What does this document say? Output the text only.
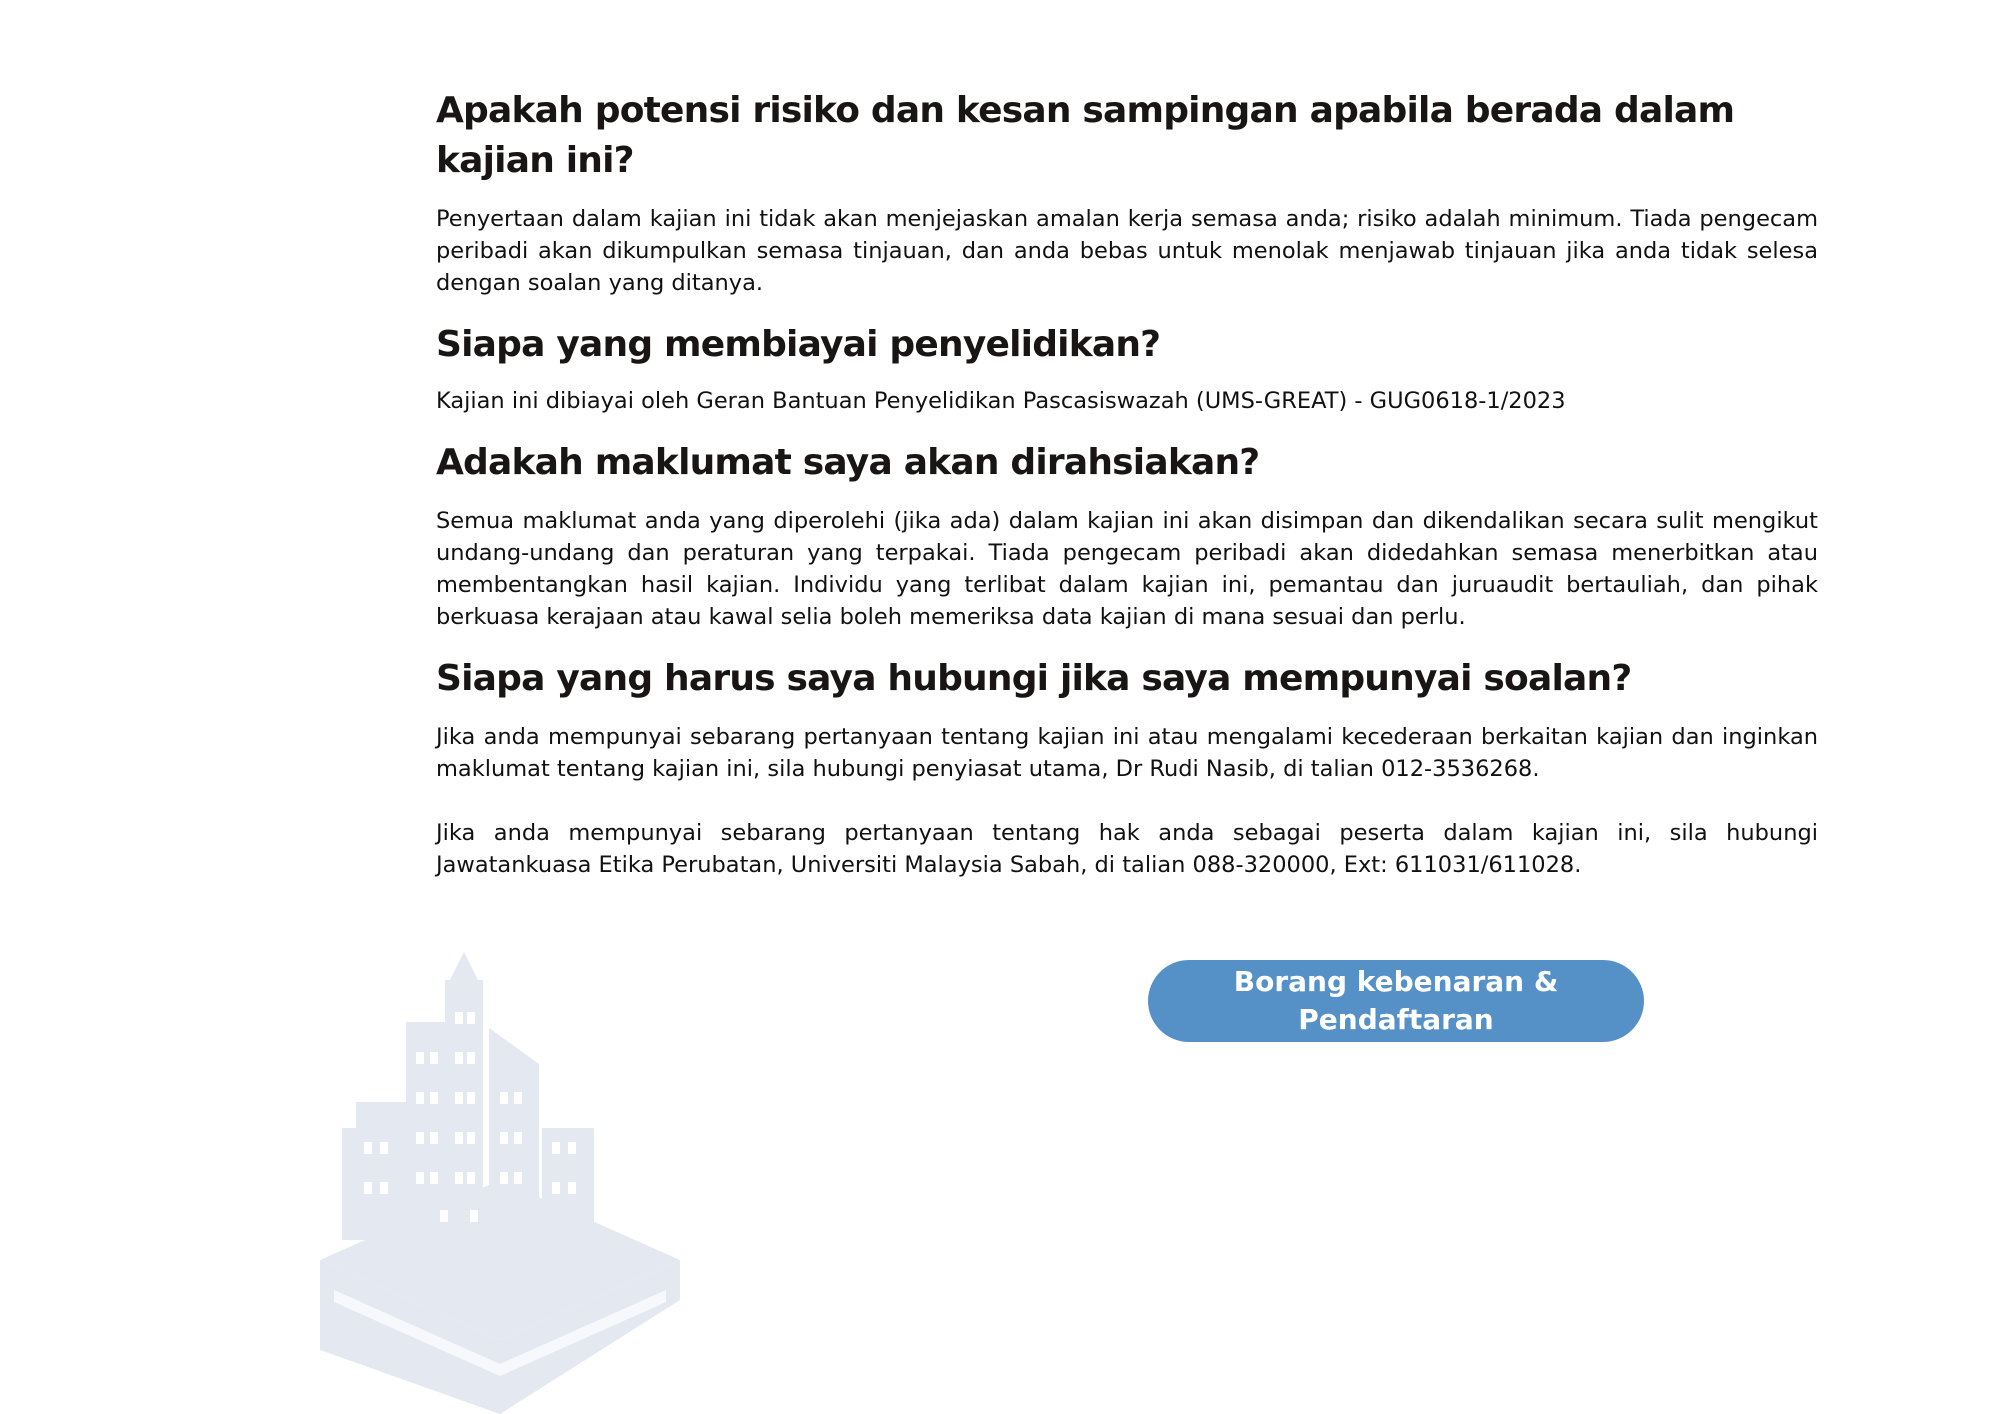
Apakah potensi risiko dan kesan sampingan apabila berada dalam kajian ini?

Penyertaan dalam kajian ini tidak akan menjejaskan amalan kerja semasa anda; risiko adalah minimum. Tiada pengecam peribadi akan dikumpulkan semasa tinjauan, dan anda bebas untuk menolak menjawab tinjauan jika anda tidak selesa dengan soalan yang ditanya.

Siapa yang membiayai penyelidikan?

Kajian ini dibiayai oleh Geran Bantuan Penyelidikan Pascasiswazah (UMS-GREAT) - GUG0618-1/2023

Adakah maklumat saya akan dirahsiakan?

Semua maklumat anda yang diperolehi (jika ada) dalam kajian ini akan disimpan dan dikendalikan secara sulit mengikut undang-undang dan peraturan yang terpakai. Tiada pengecam peribadi akan didedahkan semasa menerbitkan atau membentangkan hasil kajian. Individu yang terlibat dalam kajian ini, pemantau dan juruaudit bertauliah, dan pihak berkuasa kerajaan atau kawal selia boleh memeriksa data kajian di mana sesuai dan perlu.

Siapa yang harus saya hubungi jika saya mempunyai soalan?

Jika anda mempunyai sebarang pertanyaan tentang kajian ini atau mengalami kecederaan berkaitan kajian dan inginkan maklumat tentang kajian ini, sila hubungi penyiasat utama, Dr Rudi Nasib, di talian 012-3536268.

Jika anda mempunyai sebarang pertanyaan tentang hak anda sebagai peserta dalam kajian ini, sila hubungi Jawatankuasa Etika Perubatan, Universiti Malaysia Sabah, di talian 088-320000, Ext: 611031/611028.

Borang kebenaran & Pendaftaran
